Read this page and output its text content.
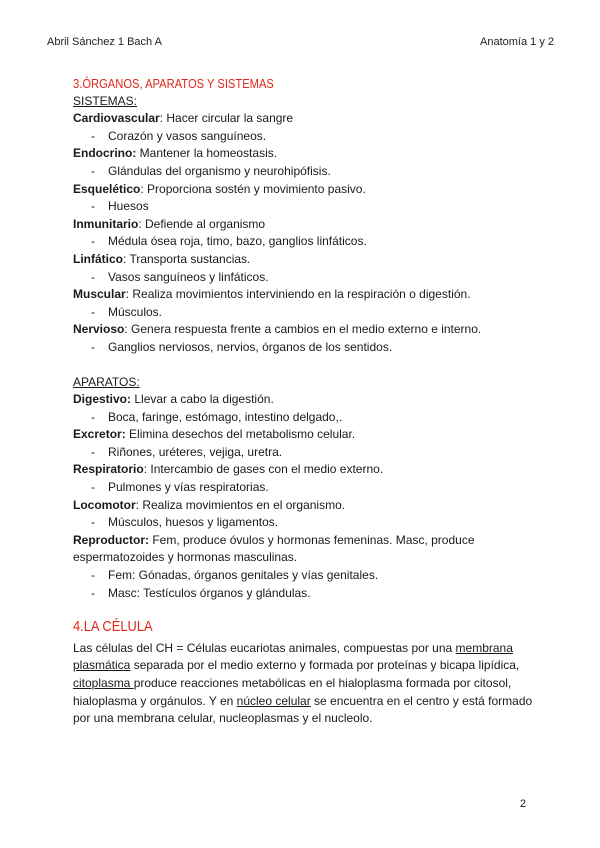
Abril Sánchez 1 Bach A	Anatomía 1 y 2
3.ÓRGANOS, APARATOS Y SISTEMAS
SISTEMAS:
Cardiovascular: Hacer circular la sangre
- Corazón y vasos sanguíneos.
Endocrino: Mantener la homeostasis.
- Glándulas del organismo y neurohipófisis.
Esquelético: Proporciona sostén y movimiento pasivo.
- Huesos
Inmunitario: Defiende al organismo
- Médula ósea roja, timo, bazo, ganglios linfáticos.
Linfático: Transporta sustancias.
- Vasos sanguíneos y linfáticos.
Muscular: Realiza movimientos interviniendo en la respiración o digestión.
- Músculos.
Nervioso: Genera respuesta frente a cambios en el medio externo e interno.
- Ganglios nerviosos, nervios, órganos de los sentidos.
APARATOS:
Digestivo: Llevar a cabo la digestión.
- Boca, faringe, estómago, intestino delgado,.
Excretor: Elimina desechos del metabolismo celular.
- Riñones, uréteres, vejiga, uretra.
Respiratorio: Intercambio de gases con el medio externo.
- Pulmones y vías respiratorias.
Locomotor: Realiza movimientos en el organismo.
- Músculos, huesos y ligamentos.
Reproductor: Fem, produce óvulos y hormonas femeninas. Masc, produce espermatozoides y hormonas masculinas.
- Fem: Gónadas, órganos genitales y vías genitales.
- Masc: Testículos órganos y glándulas.
4.LA CÉLULA
Las células del CH = Células eucariotas animales, compuestas por una membrana plasmática separada por el medio externo y formada por proteínas y bicapa lipídica, citoplasma produce reacciones metabólicas en el hialoplasma formada por citosol, hialoplasma y orgánulos. Y en núcleo celular se encuentra en el centro y está formado por una membrana celular, nucleoplasmas y el nucleolo.
2
